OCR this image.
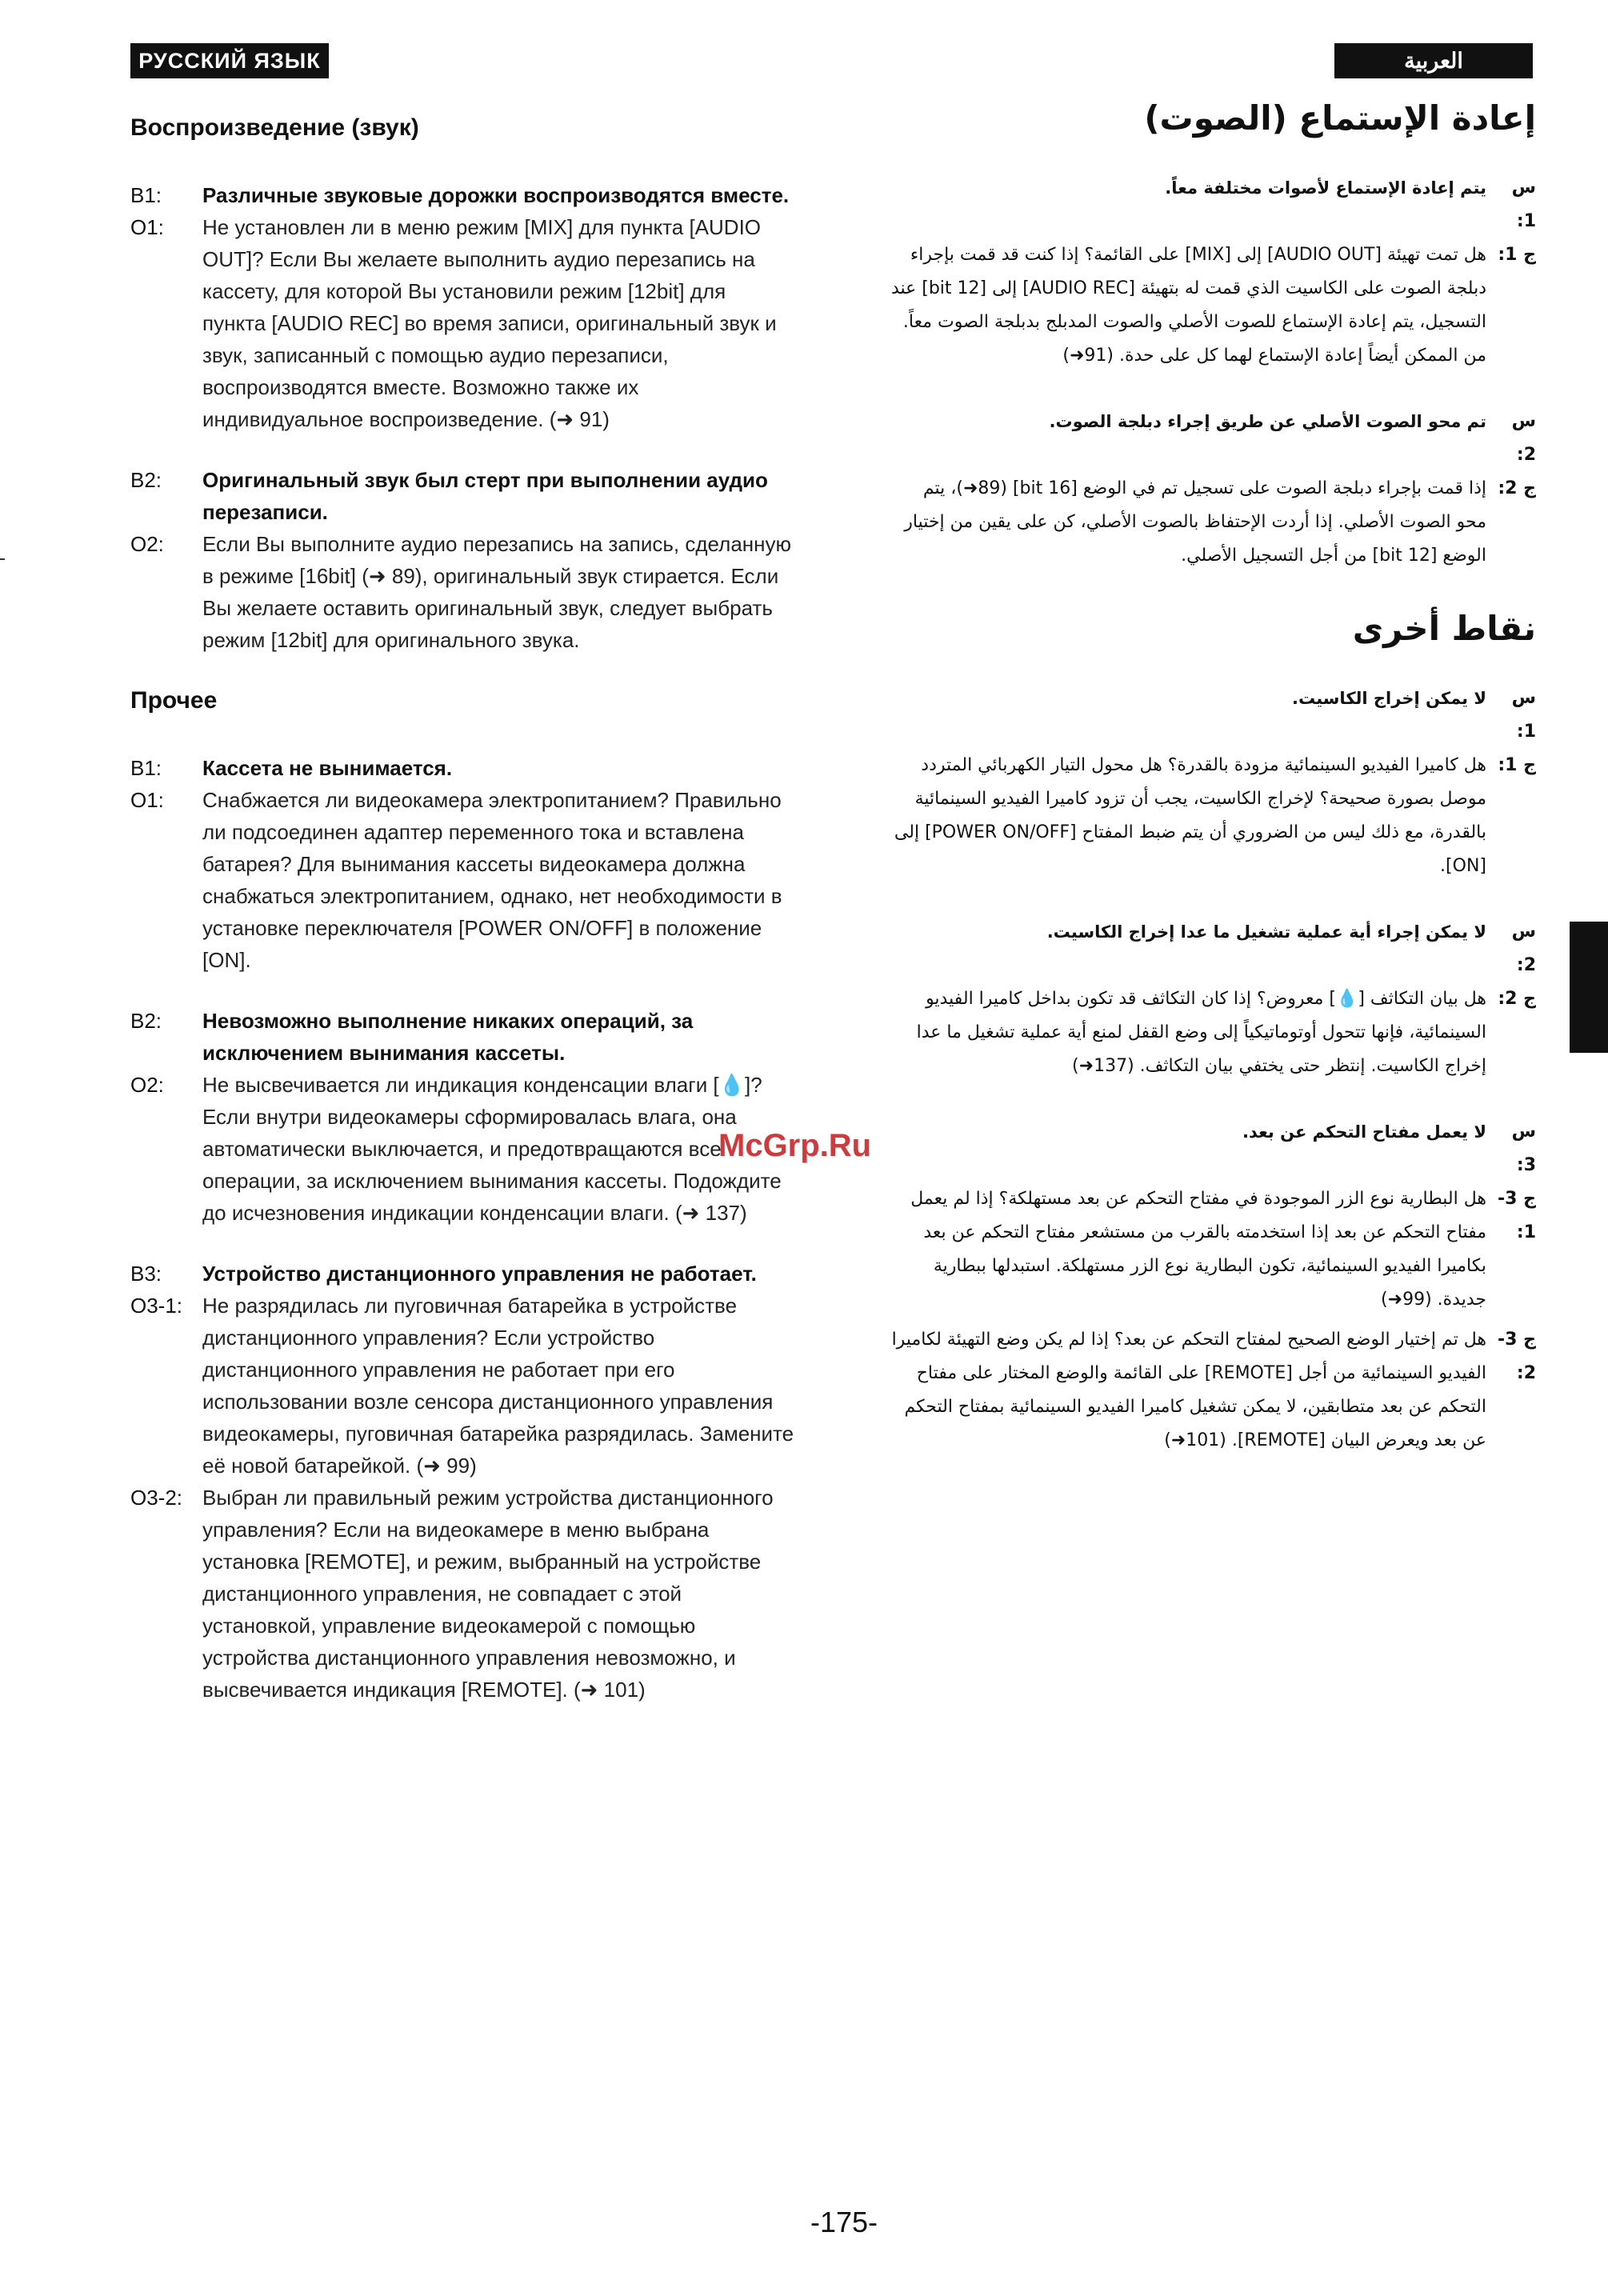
РУССКИЙ ЯЗЫК	العربية
Воспроизведение (звук)
B1:	Различные звуковые дорожки воспроизводятся вместе.
O1:	Не установлен ли в меню режим [MIX] для пункта [AUDIO OUT]? Если Вы желаете выполнить аудио перезапись на кассету, для которой Вы установили режим [12bit] для пункта [AUDIO REC] во время записи, оригинальный звук и звук, записанный с помощью аудио перезаписи, воспроизводятся вместе. Возможно также их индивидуальное воспроизведение. (➜ 91)
B2:	Оригинальный звук был стерт при выполнении аудио перезаписи.
O2:	Если Вы выполните аудио перезапись на запись, сделанную в режиме [16bit] (➜ 89), оригинальный звук стирается. Если Вы желаете оставить оригинальный звук, следует выбрать режим [12bit] для оригинального звука.
Прочее
B1:	Кассета не вынимается.
O1:	Снабжается ли видеокамера электропитанием? Правильно ли подсоединен адаптер переменного тока и вставлена батарея? Для вынимания кассеты видеокамера должна снабжаться электропитанием, однако, нет необходимости в установке переключателя [POWER ON/OFF] в положение [ON].
B2:	Невозможно выполнение никаких операций, за исключением вынимания кассеты.
O2:	Не высвечивается ли индикация конденсации влаги [💧]? Если внутри видеокамеры сформировалась влага, она автоматически выключается, и предотвращаются все операции, за исключением вынимания кассеты. Подождите до исчезновения индикации конденсации влаги. (➜ 137)
B3:	Устройство дистанционного управления не работает.
O3-1: Не разрядилась ли пуговичная батарейка в устройстве дистанционного управления? Если устройство дистанционного управления не работает при его использовании возле сенсора дистанционного управления видеокамеры, пуговичная батарейка разрядилась. Замените её новой батарейкой. (➜ 99)
O3-2: Выбран ли правильный режим устройства дистанционного управления? Если на видеокамере в меню выбрана установка [REMOTE], и режим, выбранный на устройстве дистанционного управления, не совпадает с этой установкой, управление видеокамерой с помощью устройства дистанционного управления невозможно, и высвечивается индикация [REMOTE]. (➜ 101)
إعادة الإستماع (الصوت)
س 1:
يتم إعادة الإستماع لأصوات مختلفة معاً.
ج 1:
هل تمت تهيئة [AUDIO OUT] إلى [MIX] على القائمة؟ إذا كنت قد قمت بإجراء دبلجة الصوت على الكاسيت الذي قمت له بتهيئة [AUDIO REC] إلى [12 bit] عند التسجيل، يتم إعادة الإستماع للصوت الأصلي والصوت المدبلج بدبلجة الصوت معاً. من الممكن أيضاً إعادة الإستماع لهما كل على حدة. (91➜)
س 2:
تم محو الصوت الأصلي عن طريق إجراء دبلجة الصوت.
ج 2:
إذا قمت بإجراء دبلجة الصوت على تسجيل تم في الوضع [16 bit] (89➜)، يتم محو الصوت الأصلي. إذا أردت الإحتفاظ بالصوت الأصلي، كن على يقين من إختيار الوضع [12 bit] من أجل التسجيل الأصلي.
نقاط أخرى
س 1:
لا يمكن إخراج الكاسيت.
ج 1:
هل كاميرا الفيديو السينمائية مزودة بالقدرة؟ هل محول التيار الكهربائي المتردد موصل بصورة صحيحة؟ لإخراج الكاسيت، يجب أن تزود كاميرا الفيديو السينمائية بالقدرة، مع ذلك ليس من الضروري أن يتم ضبط المفتاح [POWER ON/OFF] إلى [ON].
س 2:
لا يمكن إجراء أية عملية تشغيل ما عدا إخراج الكاسيت.
ج 2:
هل بيان التكاثف [💧] معروض؟ إذا كان التكاثف قد تكون بداخل كاميرا الفيديو السينمائية، فإنها تتحول أوتوماتيكياً إلى وضع القفل لمنع أية عملية تشغيل ما عدا إخراج الكاسيت. إنتظر حتى يختفي بيان التكاثف. (137➜)
س 3:
لا يعمل مفتاح التحكم عن بعد.
ج 3-1:
هل البطارية نوع الزر الموجودة في مفتاح التحكم عن بعد مستهلكة؟ إذا لم يعمل مفتاح التحكم عن بعد إذا استخدمته بالقرب من مستشعر مفتاح التحكم عن بعد بكاميرا الفيديو السينمائية، تكون البطارية نوع الزر مستهلكة. استبدلها ببطارية جديدة. (99➜)
ج 3-2:
هل تم إختيار الوضع الصحيح لمفتاح التحكم عن بعد؟ إذا لم يكن وضع التهيئة لكاميرا الفيديو السينمائية من أجل [REMOTE] على القائمة والوضع المختار على مفتاح التحكم عن بعد متطابقين، لا يمكن تشغيل كاميرا الفيديو السينمائية بمفتاح التحكم عن بعد ويعرض البيان [REMOTE]. (101➜)
McGrp.Ru
-175-
